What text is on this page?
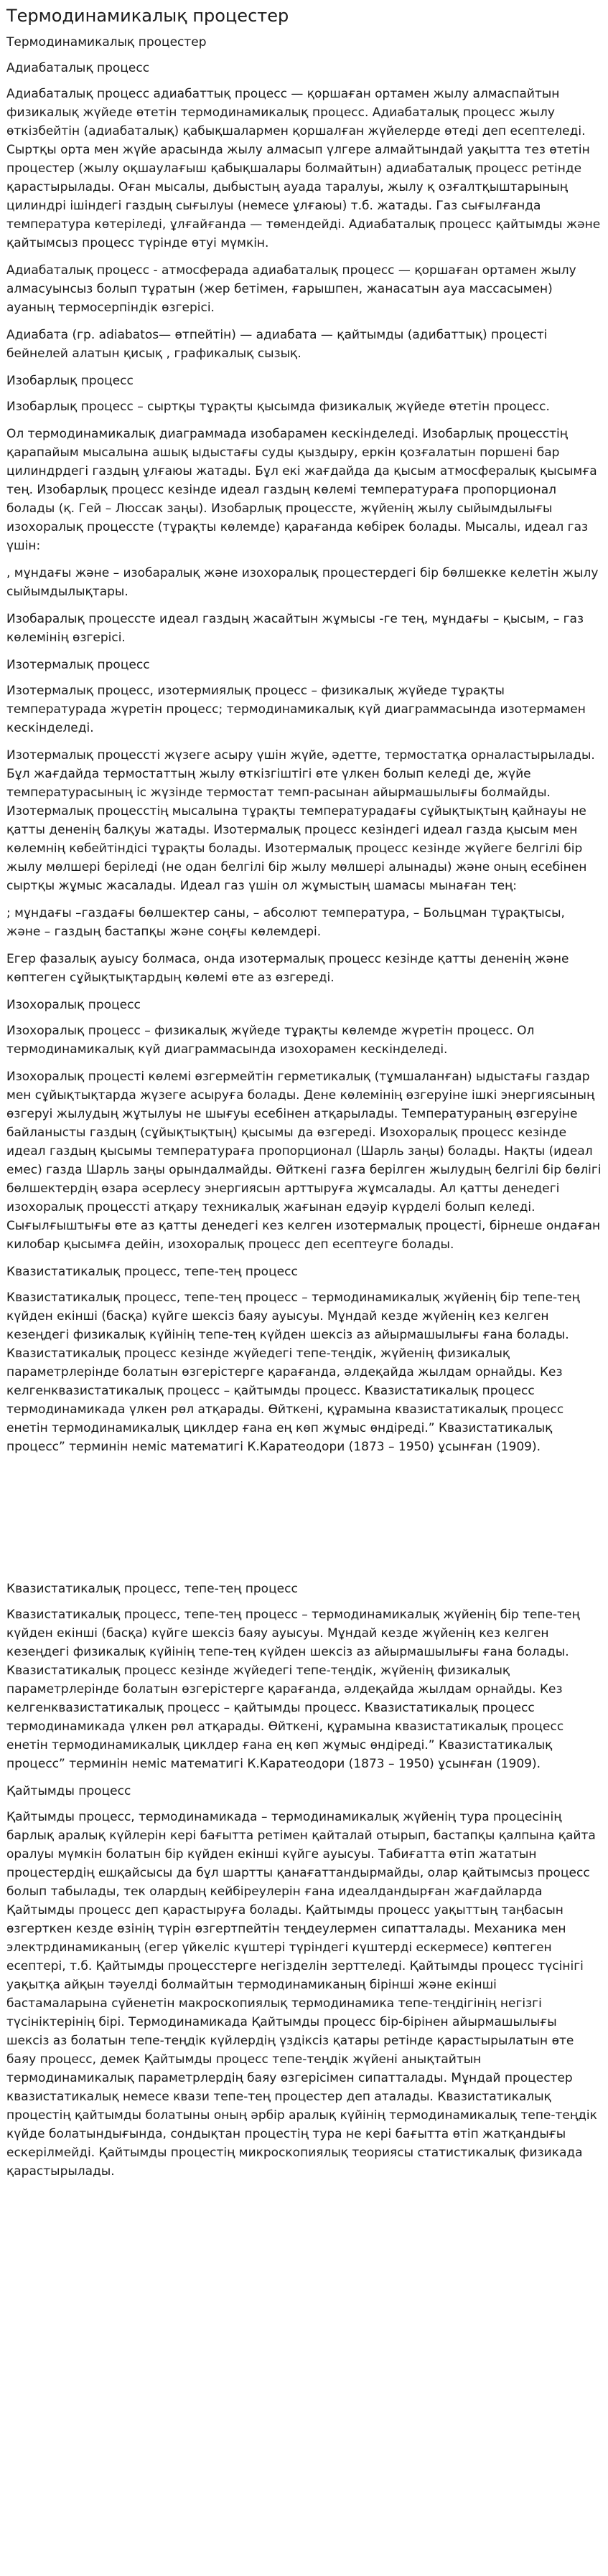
Термодинамикалық процестер
Термодинамикалық процестер
Адиабаталық процесс

Адиабаталық процесс адиабаттық процесс — қоршаған ортамен жылу алмаспайтын физикалық жүйеде өтетін термодинамикалық процесс. Адиабаталық процесс жылу өткізбейтін (адиабаталық) қабықшалармен қоршалған жүйелерде өтеді деп есептеледі. Сыртқы орта мен жүйе арасында жылу алмасып үлгере алмайтындай уақытта тез өтетін процестер (жылу оқшаулағыш қабықшалары болмайтын) адиабаталық процесс ретінде қарастырылады. Оған мысалы, дыбыстың ауада таралуы, жылу қ озғалтқыштарының цилиндрі ішіндегі газдың сығылуы (немесе ұлғаюы) т.б. жатады. Газ сығылғанда температура көтеріледі, ұлғайғанда — төмендейді. Адиабаталық процесс қайтымды және қайтымсыз процесс түрінде өтуі мүмкін.

Адиабаталық процесс - атмосферада адиабаталық процесс — қоршаған ортамен жылу алмасуынсыз болып тұратын (жер бетімен, ғарышпен, жанасатын ауа массасымен) ауаның термосерпіндік өзгерісі.

Адиабата (гр. adiabatos— өтпейтін) — адиабата — қайтымды (адибаттық) процесті бейнелей алатын қисық , графикалық сызық.

Изобарлық процесс

Изобарлық процесс – сыртқы тұрақты қысымда физикалық жүйеде өтетін процесс.

Ол термодинамикалық диаграммада изобарамен кескінделеді. Изобарлық процесстің қарапайым мысалына ашық ыдыстағы суды қыздыру, еркін қозғалатын поршені бар цилиндрдегі газдың ұлғаюы жатады. Бұл екі жағдайда да қысым атмосфералық қысымға тең. Изобарлық процесс кезінде идеал газдың көлемі температураға пропорционал болады (қ. Гей – Люссак заңы). Изобарлық процессте, жүйенің жылу сыйымдылығы изохоралық процессте (тұрақты көлемде) қарағанда көбірек болады. Мысалы, идеал газ үшін:

, мұндағы және – изобаралық және изохоралық процестердегі бір бөлшекке келетін жылу сыйымдылықтары.

Изобаралық процессте идеал газдың жасайтын жұмысы -ге тең, мұндағы – қысым, – газ көлемінің өзгерісі.

Изотермалық процесс

Изотермалық процесс, изотермиялық процесс – физикалық жүйеде тұрақты температурада жүретін процесс; термодинамикалық күй диаграммасында изотермамен кескінделеді.

Изотермалық процессті жүзеге асыру үшін жүйе, әдетте, термостатқа орналастырылады. Бұл жағдайда термостаттың жылу өткізгіштігі өте үлкен болып келеді де, жүйе температурасының іс жүзінде термостат темп-расынан айырмашылығы болмайды. Изотермалық процесстің мысалына тұрақты температурадағы сұйықтықтың қайнауы не қатты дененің балқуы жатады. Изотермалық процесс кезіндегі идеал газда қысым мен көлемнің көбейтіндісі тұрақты болады. Изотермалық процесс кезінде жүйеге белгілі бір жылу мөлшері беріледі (не одан белгілі бір жылу мөлшері алынады) және оның есебінен сыртқы жұмыс жасалады. Идеал газ үшін ол жұмыстың шамасы мынаған тең:

; мұндағы –газдағы бөлшектер саны, – абсолют температура, – Больцман тұрақтысы, және – газдың бастапқы және соңғы көлемдері.

Егер фазалық ауысу болмаса, онда изотермалық процесс кезінде қатты дененің және көптеген сұйықтықтардың көлемі өте аз өзгереді.

Изохоралық процесс

Изохоралық процесс – физикалық жүйеде тұрақты көлемде жүретін процесс. Ол термодинамикалық күй диаграммасында изохорамен кескінделеді.

Изохоралық процесті көлемі өзгермейтін герметикалық (тұмшаланған) ыдыстағы газдар мен сұйықтықтарда жүзеге асыруға болады. Дене көлемінің өзгеруіне ішкі энергиясының өзгеруі жылудың жұтылуы не шығуы есебінен атқарылады. Температураның өзгеруіне байланысты газдың (сұйықтықтың) қысымы да өзгереді. Изохоралық процесс кезінде идеал газдың қысымы температураға пропорционал (Шарль заңы) болады. Нақты (идеал емес) газда Шарль заңы орындалмайды. Өйткені газға берілген жылудың белгілі бір бөлігі бөлшектердің өзара әсерлесу энергиясын арттыруға жұмсалады. Ал қатты денедегі изохоралық процессті атқару техникалық жағынан едәуір күрделі болып келеді. Сығылғыштығы өте аз қатты денедегі кез келген изотермалық процесті, бірнеше ондаған килобар қысымға дейін, изохоралық процесс деп есептеуге болады.

Квазистатикалық процесс, тепе-тең процесс

Квазистатикалық процесс, тепе-тең процесс – термодинамикалық жүйенің бір тепе-тең күйден екінші (басқа) күйге шексіз баяу ауысуы. Мұндай кезде жүйенің кез келген кезеңдегі физикалық күйінің тепе-тең күйден шексіз аз айырмашылығы ғана болады. Квазистатикалық процесс кезінде жүйедегі тепе-теңдік, жүйенің физикалық параметрлерінде болатын өзгерістерге қарағанда, әлдеқайда жылдам орнайды. Кез келгенквазистатикалық процесс – қайтымды процесс. Квазистатикалық процесс термодинамикада үлкен рөл атқарады. Өйткені, құрамына квазистатикалық процесс енетін термодинамикалық циклдер ғана ең көп жұмыс өндіреді.” Квазистатикалық процесс” терминін неміс математигі К.Каратеодори (1873 – 1950) ұсынған (1909).

Квазистатикалық процесс, тепе-тең процесс

Квазистатикалық процесс, тепе-тең процесс – термодинамикалық жүйенің бір тепе-тең күйден екінші (басқа) күйге шексіз баяу ауысуы. Мұндай кезде жүйенің кез келген кезеңдегі физикалық күйінің тепе-тең күйден шексіз аз айырмашылығы ғана болады. Квазистатикалық процесс кезінде жүйедегі тепе-теңдік, жүйенің физикалық параметрлерінде болатын өзгерістерге қарағанда, әлдеқайда жылдам орнайды. Кез келгенквазистатикалық процесс – қайтымды процесс. Квазистатикалық процесс термодинамикада үлкен рөл атқарады. Өйткені, құрамына квазистатикалық процесс енетін термодинамикалық циклдер ғана ең көп жұмыс өндіреді.” Квазистатикалық процесс” терминін неміс математигі К.Каратеодори (1873 – 1950) ұсынған (1909).

Қайтымды процесс

Қайтымды процесс, термодинамикада – термодинамикалық жүйенің тура процесінің барлық аралық күйлерін кері бағытта ретімен қайталай отырып, бастапқы қалпына қайта оралуы мүмкін болатын бір күйден екінші күйге ауысуы. Табиғатта өтіп жататын процестердің ешқайсысы да бұл шартты қанағаттандырмайды, олар қайтымсыз процесс болып табылады, тек олардың кейбіреулерін ғана идеалдандырған жағдайларда Қайтымды процесс деп қарастыруға болады. Қайтымды процесс уақыттың таңбасын өзгерткен кезде өзінің түрін өзгертпейтін теңдеулермен сипатталады. Механика мен электрдинамиканың (егер үйкеліс күштері түріндегі күштерді ескермесе) көптеген есептері, т.б. Қайтымды процесстерге негізделін зерттеледі. Қайтымды процесс түсінігі уақытқа айқын тәуелді болмайтын термодинамиканың бірінші және екінші бастамаларына сүйенетін макроскопиялық термодинамика тепе-теңдігінің негізгі түсініктерінің бірі. Термодинамикада Қайтымды процесс бір-бірінен айырмашылығы шексіз аз болатын тепе-теңдік күйлердің үздіксіз қатары ретінде қарастырылатын өте баяу процесс, демек Қайтымды процесс тепе-теңдік жүйені анықтайтын термодинамикалық параметрлердің баяу өзгерісімен сипатталады. Мұндай процестер квазистатикалық немесе квази тепе-тең процестер деп аталады. Квазистатикалық процестің қайтымды болатыны оның әрбір аралық күйінің термодинамикалық тепе-теңдік күйде болатындығында, сондықтан процестің тура не кері бағытта өтіп жатқандығы ескерілмейді. Қайтымды процестің микроскопиялық теориясы статистикалық физикада қарастырылады.
